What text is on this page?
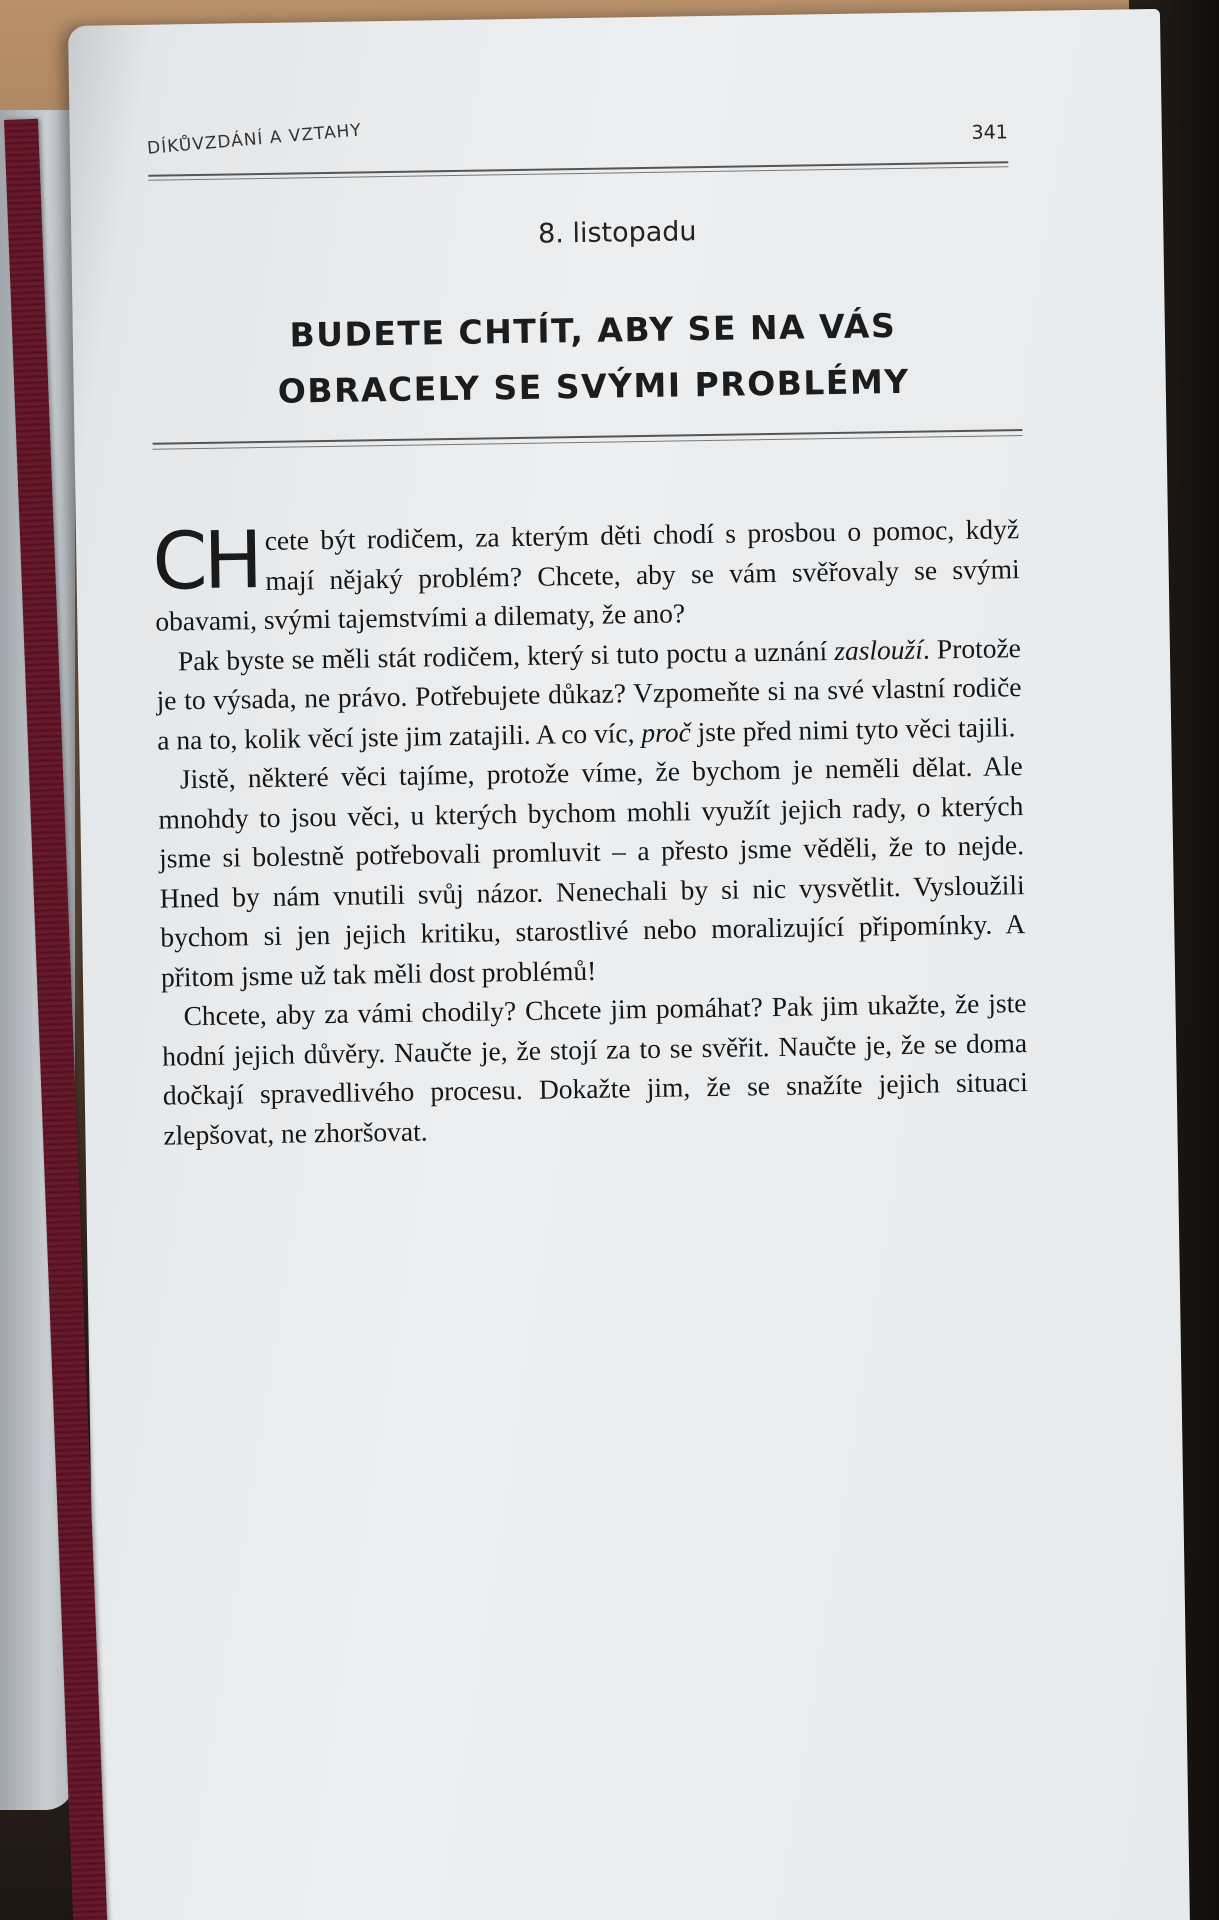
DÍKŮVZDÁNÍ A VZTAHY	341
8. listopadu
BUDETE CHTÍT, ABY SE NA VÁS
OBRACELY SE SVÝMI PROBLÉMY

CH cete být rodičem, za kterým děti chodí s prosbou o pomoc, když mají nějaký problém? Chcete, aby se vám svěřovaly se svými obavami, svými tajemstvími a dilematy, že ano?

Pak byste se měli stát rodičem, který si tuto poctu a uznání zaslouží. Protože je to výsada, ne právo. Potřebujete důkaz? Vzpomeňte si na své vlastní rodiče a na to, kolik věcí jste jim zatajili. A co víc, proč jste před nimi tyto věci tajili.

Jistě, některé věci tajíme, protože víme, že bychom je neměli dělat. Ale mnohdy to jsou věci, u kterých bychom mohli využít jejich rady, o kterých jsme si bolestně potřebovali promluvit – a přesto jsme věděli, že to nejde. Hned by nám vnutili svůj názor. Nenechali by si nic vysvětlit. Vysloužili bychom si jen jejich kritiku, starostlivé nebo moralizující připomínky. A přitom jsme už tak měli dost problémů!

Chcete, aby za vámi chodily? Chcete jim pomáhat? Pak jim ukažte, že jste hodní jejich důvěry. Naučte je, že stojí za to se svěřit. Naučte je, že se doma dočkají spravedlivého procesu. Dokažte jim, že se snažíte jejich situaci zlepšovat, ne zhoršovat.
